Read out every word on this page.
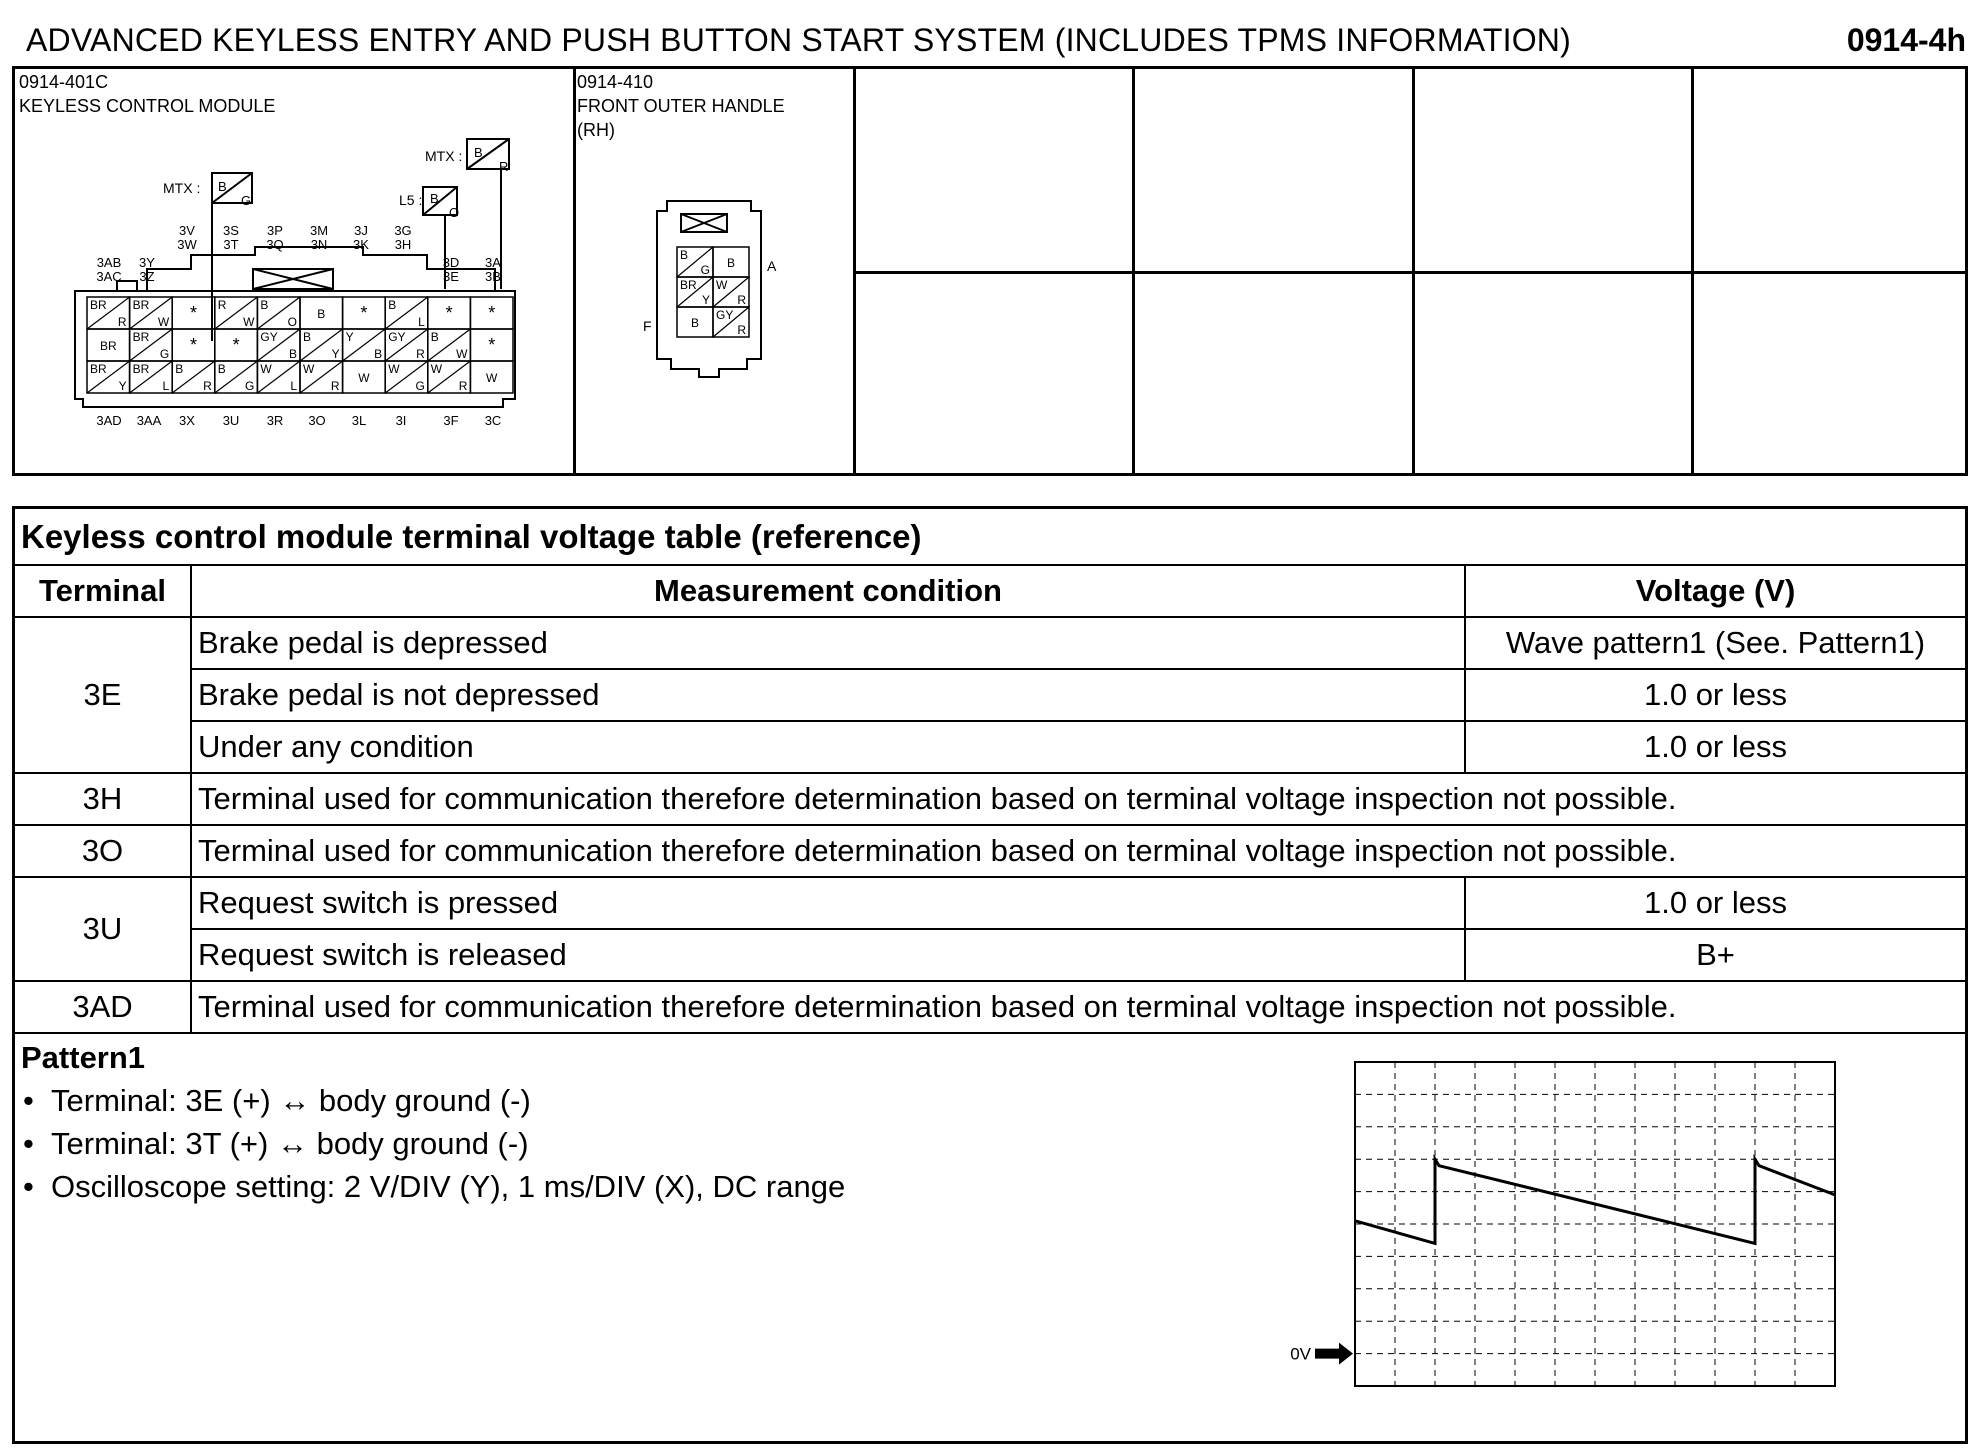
ADVANCED KEYLESS ENTRY AND PUSH BUTTON START SYSTEM (INCLUDES TPMS INFORMATION)	0914-4h
0914-401C
KEYLESS CONTROL MODULE
MTX : B
R
L5 : B
O
MTX : B
G
3V
3W
3S
3T
3P
3Q
3M
3N
3J
3K
3G
3H
3AB
3AC
3Y
3Z
3D
3E
3A
3B
3AD 3AA 3X 3U 3R 3O 3L 3I	3F 3C
BR
R
BR
W * R
W
B
O
B * B
L * *
BR
BR
G * * GY
B
B
Y
Y
B
GY
R
B
W *
BR
Y
BR
L
B
R
B
G
W
L
W
R
W
W
G
W
R
W
0914-410
FRONT OUTER HANDLE
(RH)
A
F
B
G B
BR
Y
W
R
B
GY
R
Keyless control module terminal voltage table (reference)		
Terminal	Measurement condition	Voltage (V)
3E	Brake pedal is depressed	Wave pattern1 (See. Pattern1)
	Brake pedal is not depressed	1.0 or less
	Under any condition	1.0 or less
3H	Terminal used for communication therefore determination based on terminal voltage inspection not possible.	
3O	Terminal used for communication therefore determination based on terminal voltage inspection not possible.	
3U	Request switch is pressed	1.0 or less
	Request switch is released	B+
3AD	Terminal used for communication therefore determination based on terminal voltage inspection not possible.	
Pattern1
• Terminal: 3E (+) ↔ body ground (-)
• Terminal: 3T (+) ↔ body ground (-)
• Oscilloscope setting: 2 V/DIV (Y), 1 ms/DIV (X), DC range
0V
